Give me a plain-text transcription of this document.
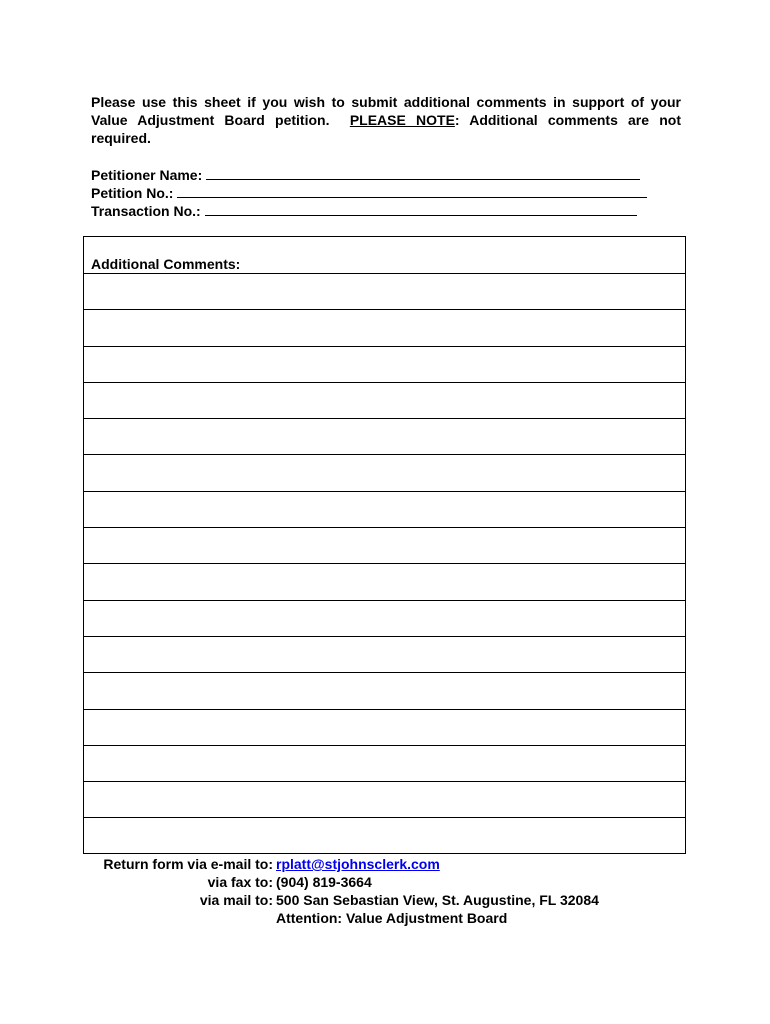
Please use this sheet if you wish to submit additional comments in support of your Value Adjustment Board petition. PLEASE NOTE: Additional comments are not required.

Petitioner Name:
Petition No.:
Transaction No.:
Additional Comments:
Return form via e-mail to: rplatt@stjohnsclerk.com
via fax to: (904) 819-3664
via mail to: 500 San Sebastian View, St. Augustine, FL 32084
Attention: Value Adjustment Board
